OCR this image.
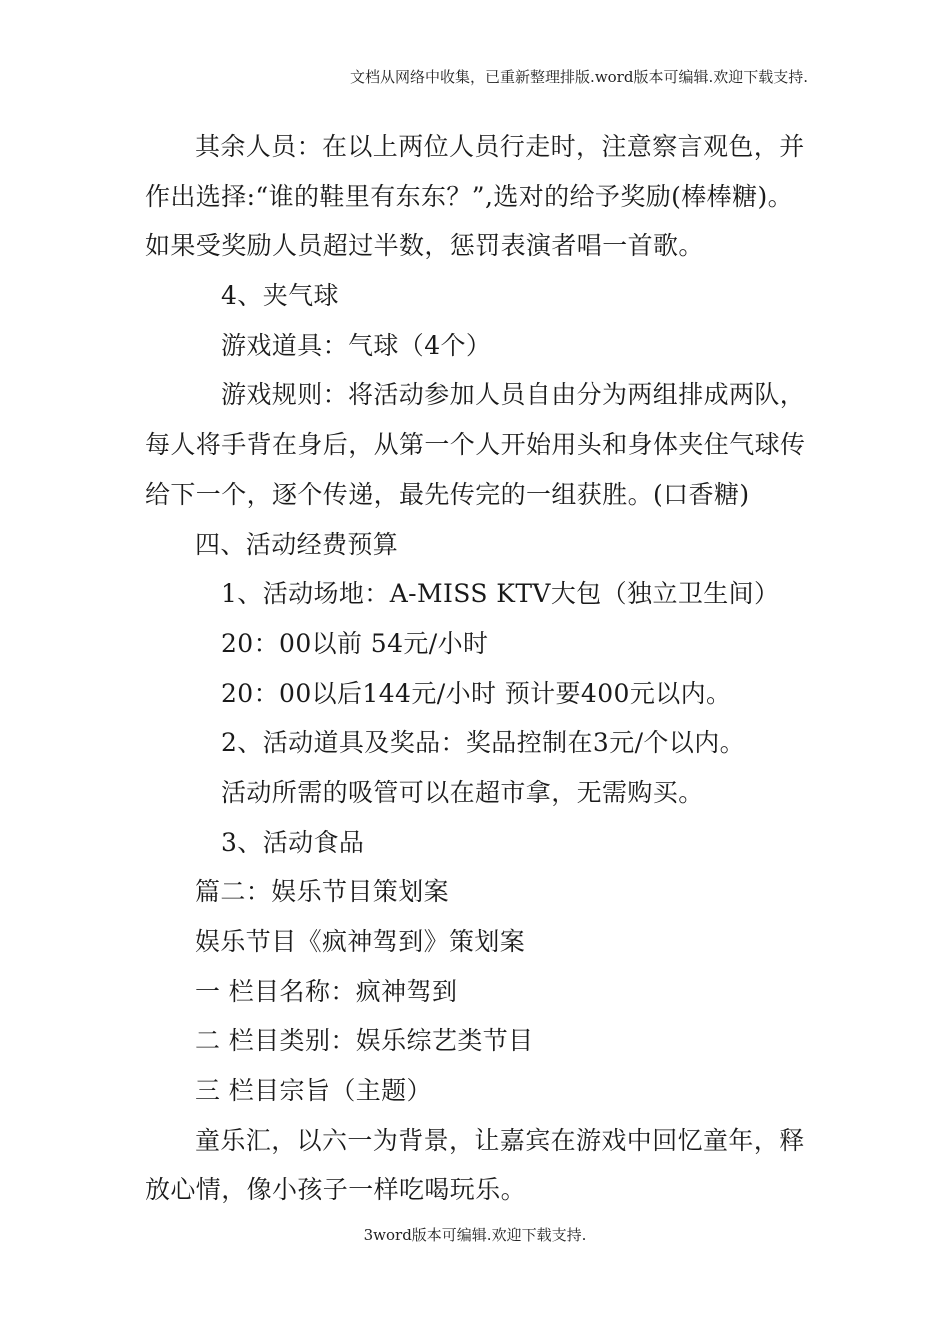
文档从网络中收集，已重新整理排版.word版本可编辑.欢迎下载支持.
其余人员：在以上两位人员行走时，注意察言观色，并
作出选择:“谁的鞋里有东东？”,选对的给予奖励(棒棒糖)。
如果受奖励人员超过半数，惩罚表演者唱一首歌。
4、夹气球
游戏道具：气球（4个）
游戏规则：将活动参加人员自由分为两组排成两队，
每人将手背在身后，从第一个人开始用头和身体夹住气球传
给下一个，逐个传递，最先传完的一组获胜。(口香糖)
四、活动经费预算
1、活动场地：A-MISS KTV大包（独立卫生间）
20：00以前 54元/小时
20：00以后144元/小时 预计要400元以内。
2、活动道具及奖品：奖品控制在3元/个以内。
活动所需的吸管可以在超市拿，无需购买。
3、活动食品
篇二：娱乐节目策划案
娱乐节目《疯神驾到》策划案
一 栏目名称：疯神驾到
二 栏目类别：娱乐综艺类节目
三 栏目宗旨（主题）
童乐汇，以六一为背景，让嘉宾在游戏中回忆童年，释
放心情，像小孩子一样吃喝玩乐。
3word版本可编辑.欢迎下载支持.
